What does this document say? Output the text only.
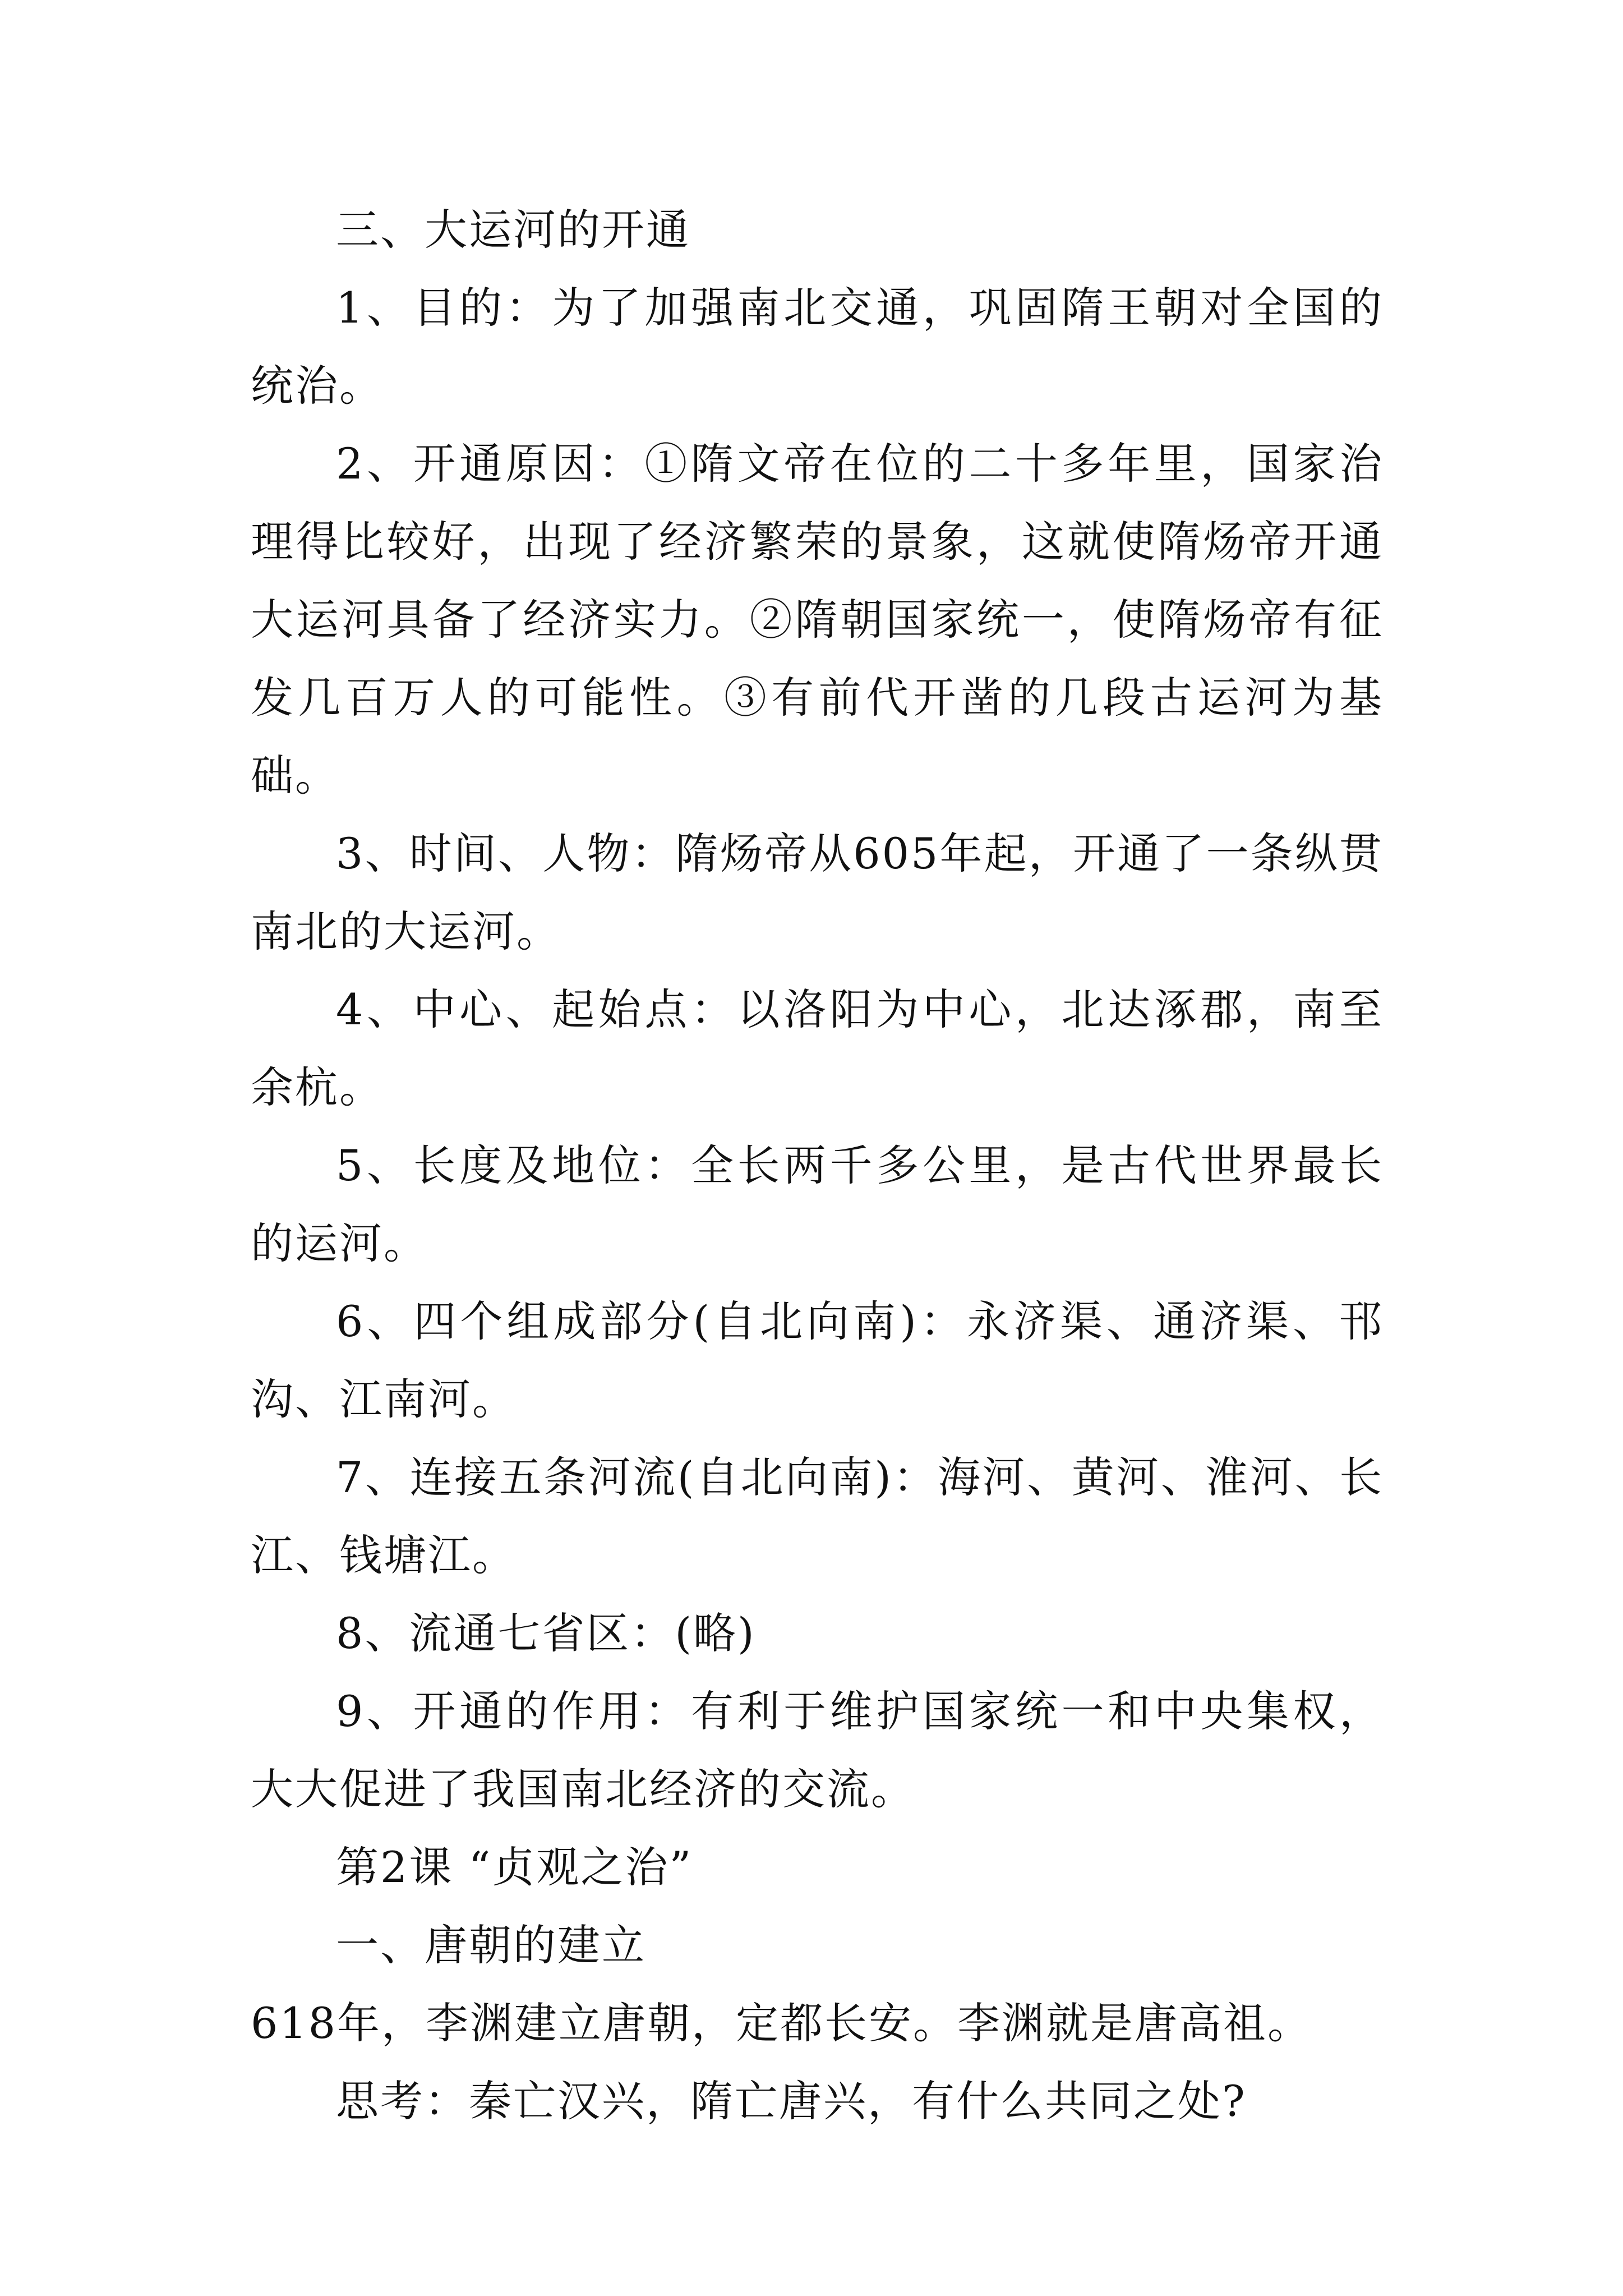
三、大运河的开通

1、目的：为了加强南北交通，巩固隋王朝对全国的统治。

2、开通原因：①隋文帝在位的二十多年里，国家治理得比较好，出现了经济繁荣的景象，这就使隋炀帝开通大运河具备了经济实力。②隋朝国家统一，使隋炀帝有征发几百万人的可能性。③有前代开凿的几段古运河为基础。

3、时间、人物：隋炀帝从605年起，开通了一条纵贯南北的大运河。

4、中心、起始点：以洛阳为中心，北达涿郡，南至余杭。

5、长度及地位：全长两千多公里，是古代世界最长的运河。

6、四个组成部分(自北向南)：永济渠、通济渠、邗沟、江南河。

7、连接五条河流(自北向南)：海河、黄河、淮河、长江、钱塘江。

8、流通七省区：(略)

9、开通的作用：有利于维护国家统一和中央集权，大大促进了我国南北经济的交流。

第2课 “贞观之治”

一、唐朝的建立

618年，李渊建立唐朝，定都长安。李渊就是唐高祖。

思考：秦亡汉兴，隋亡唐兴，有什么共同之处?
